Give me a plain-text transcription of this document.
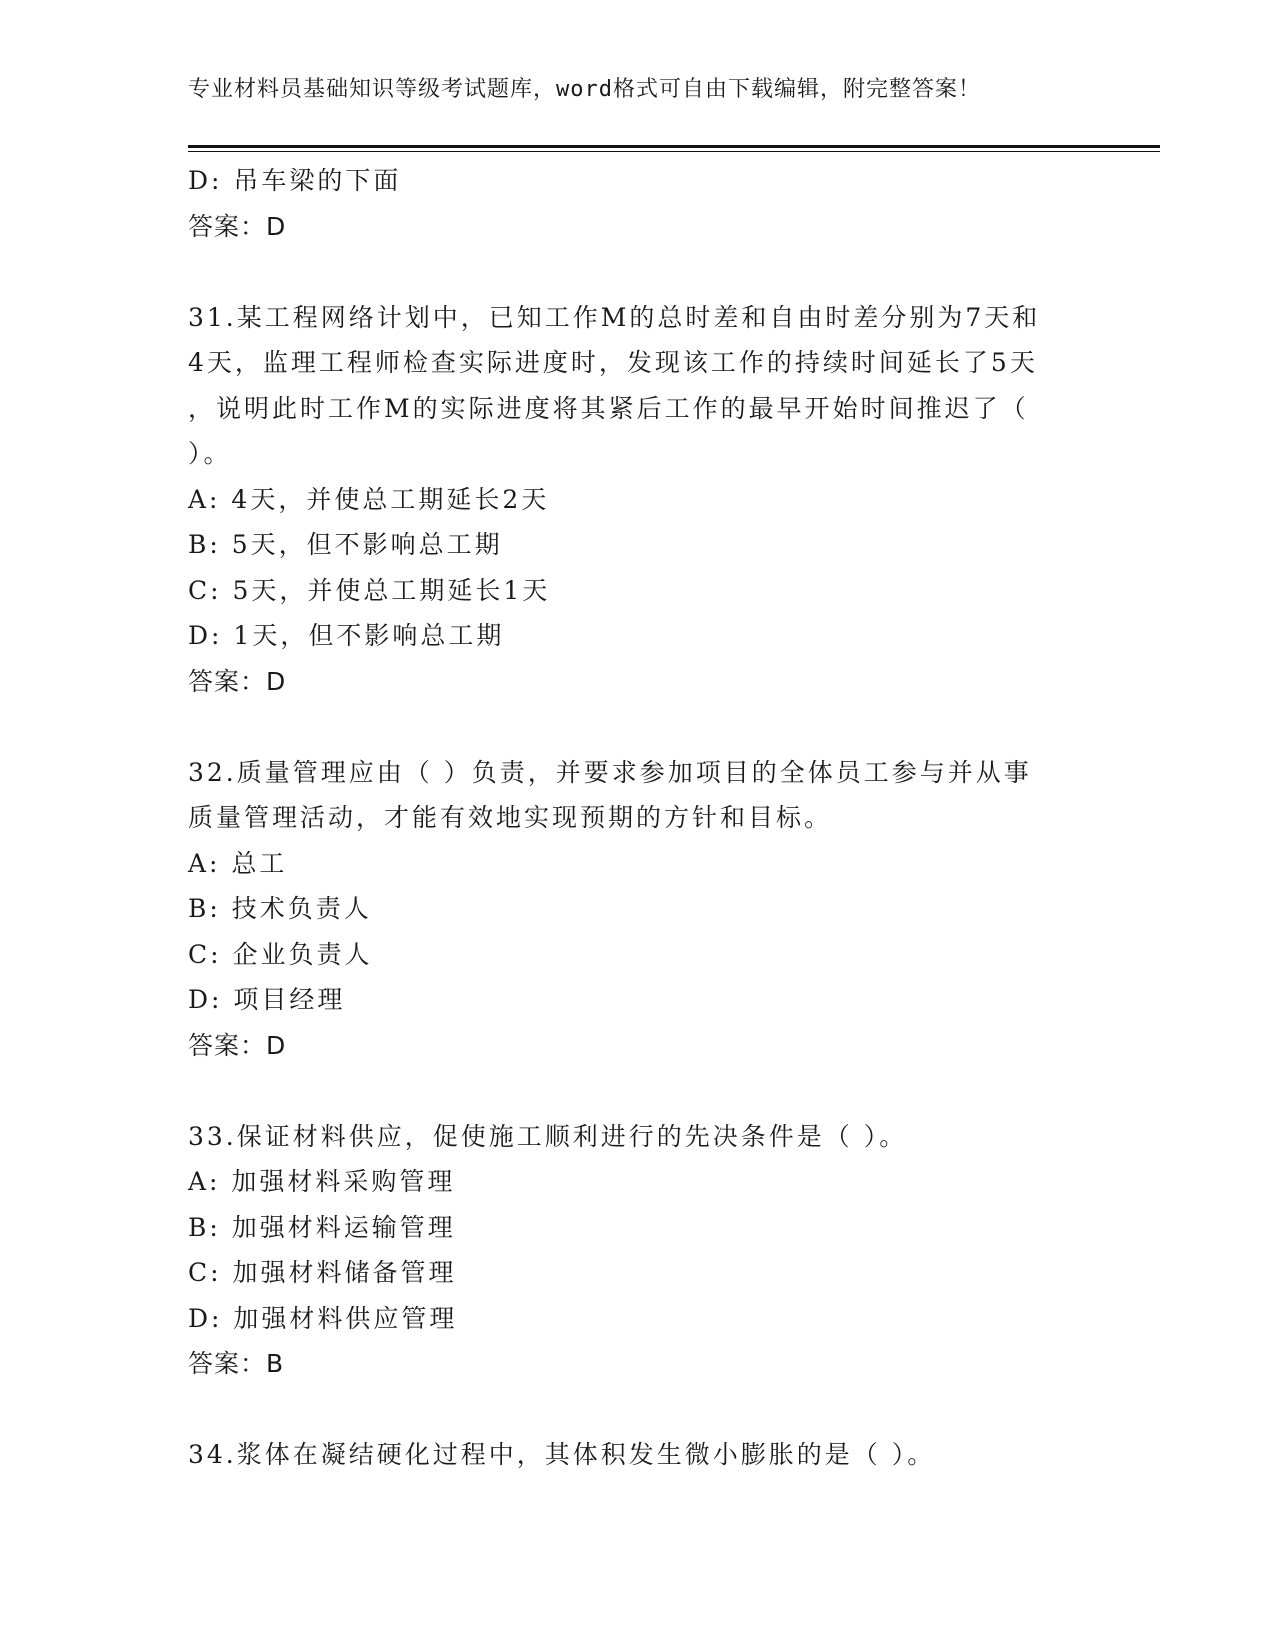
专业材料员基础知识等级考试题库，word格式可自由下载编辑，附完整答案！
D: 吊车梁的下面
答案：D
31.某工程网络计划中，已知工作M的总时差和自由时差分别为7天和
4天，监理工程师检查实际进度时，发现该工作的持续时间延长了5天
，说明此时工作M的实际进度将其紧后工作的最早开始时间推迟了（
）。
A: 4天，并使总工期延长2天
B: 5天，但不影响总工期
C: 5天，并使总工期延长1天
D: 1天，但不影响总工期
答案：D
32.质量管理应由（ ）负责，并要求参加项目的全体员工参与并从事
质量管理活动，才能有效地实现预期的方针和目标。
A: 总工
B: 技术负责人
C: 企业负责人
D: 项目经理
答案：D
33.保证材料供应，促使施工顺利进行的先决条件是（ ）。
A: 加强材料采购管理
B: 加强材料运输管理
C: 加强材料储备管理
D: 加强材料供应管理
答案：B
34.浆体在凝结硬化过程中，其体积发生微小膨胀的是（ ）。
